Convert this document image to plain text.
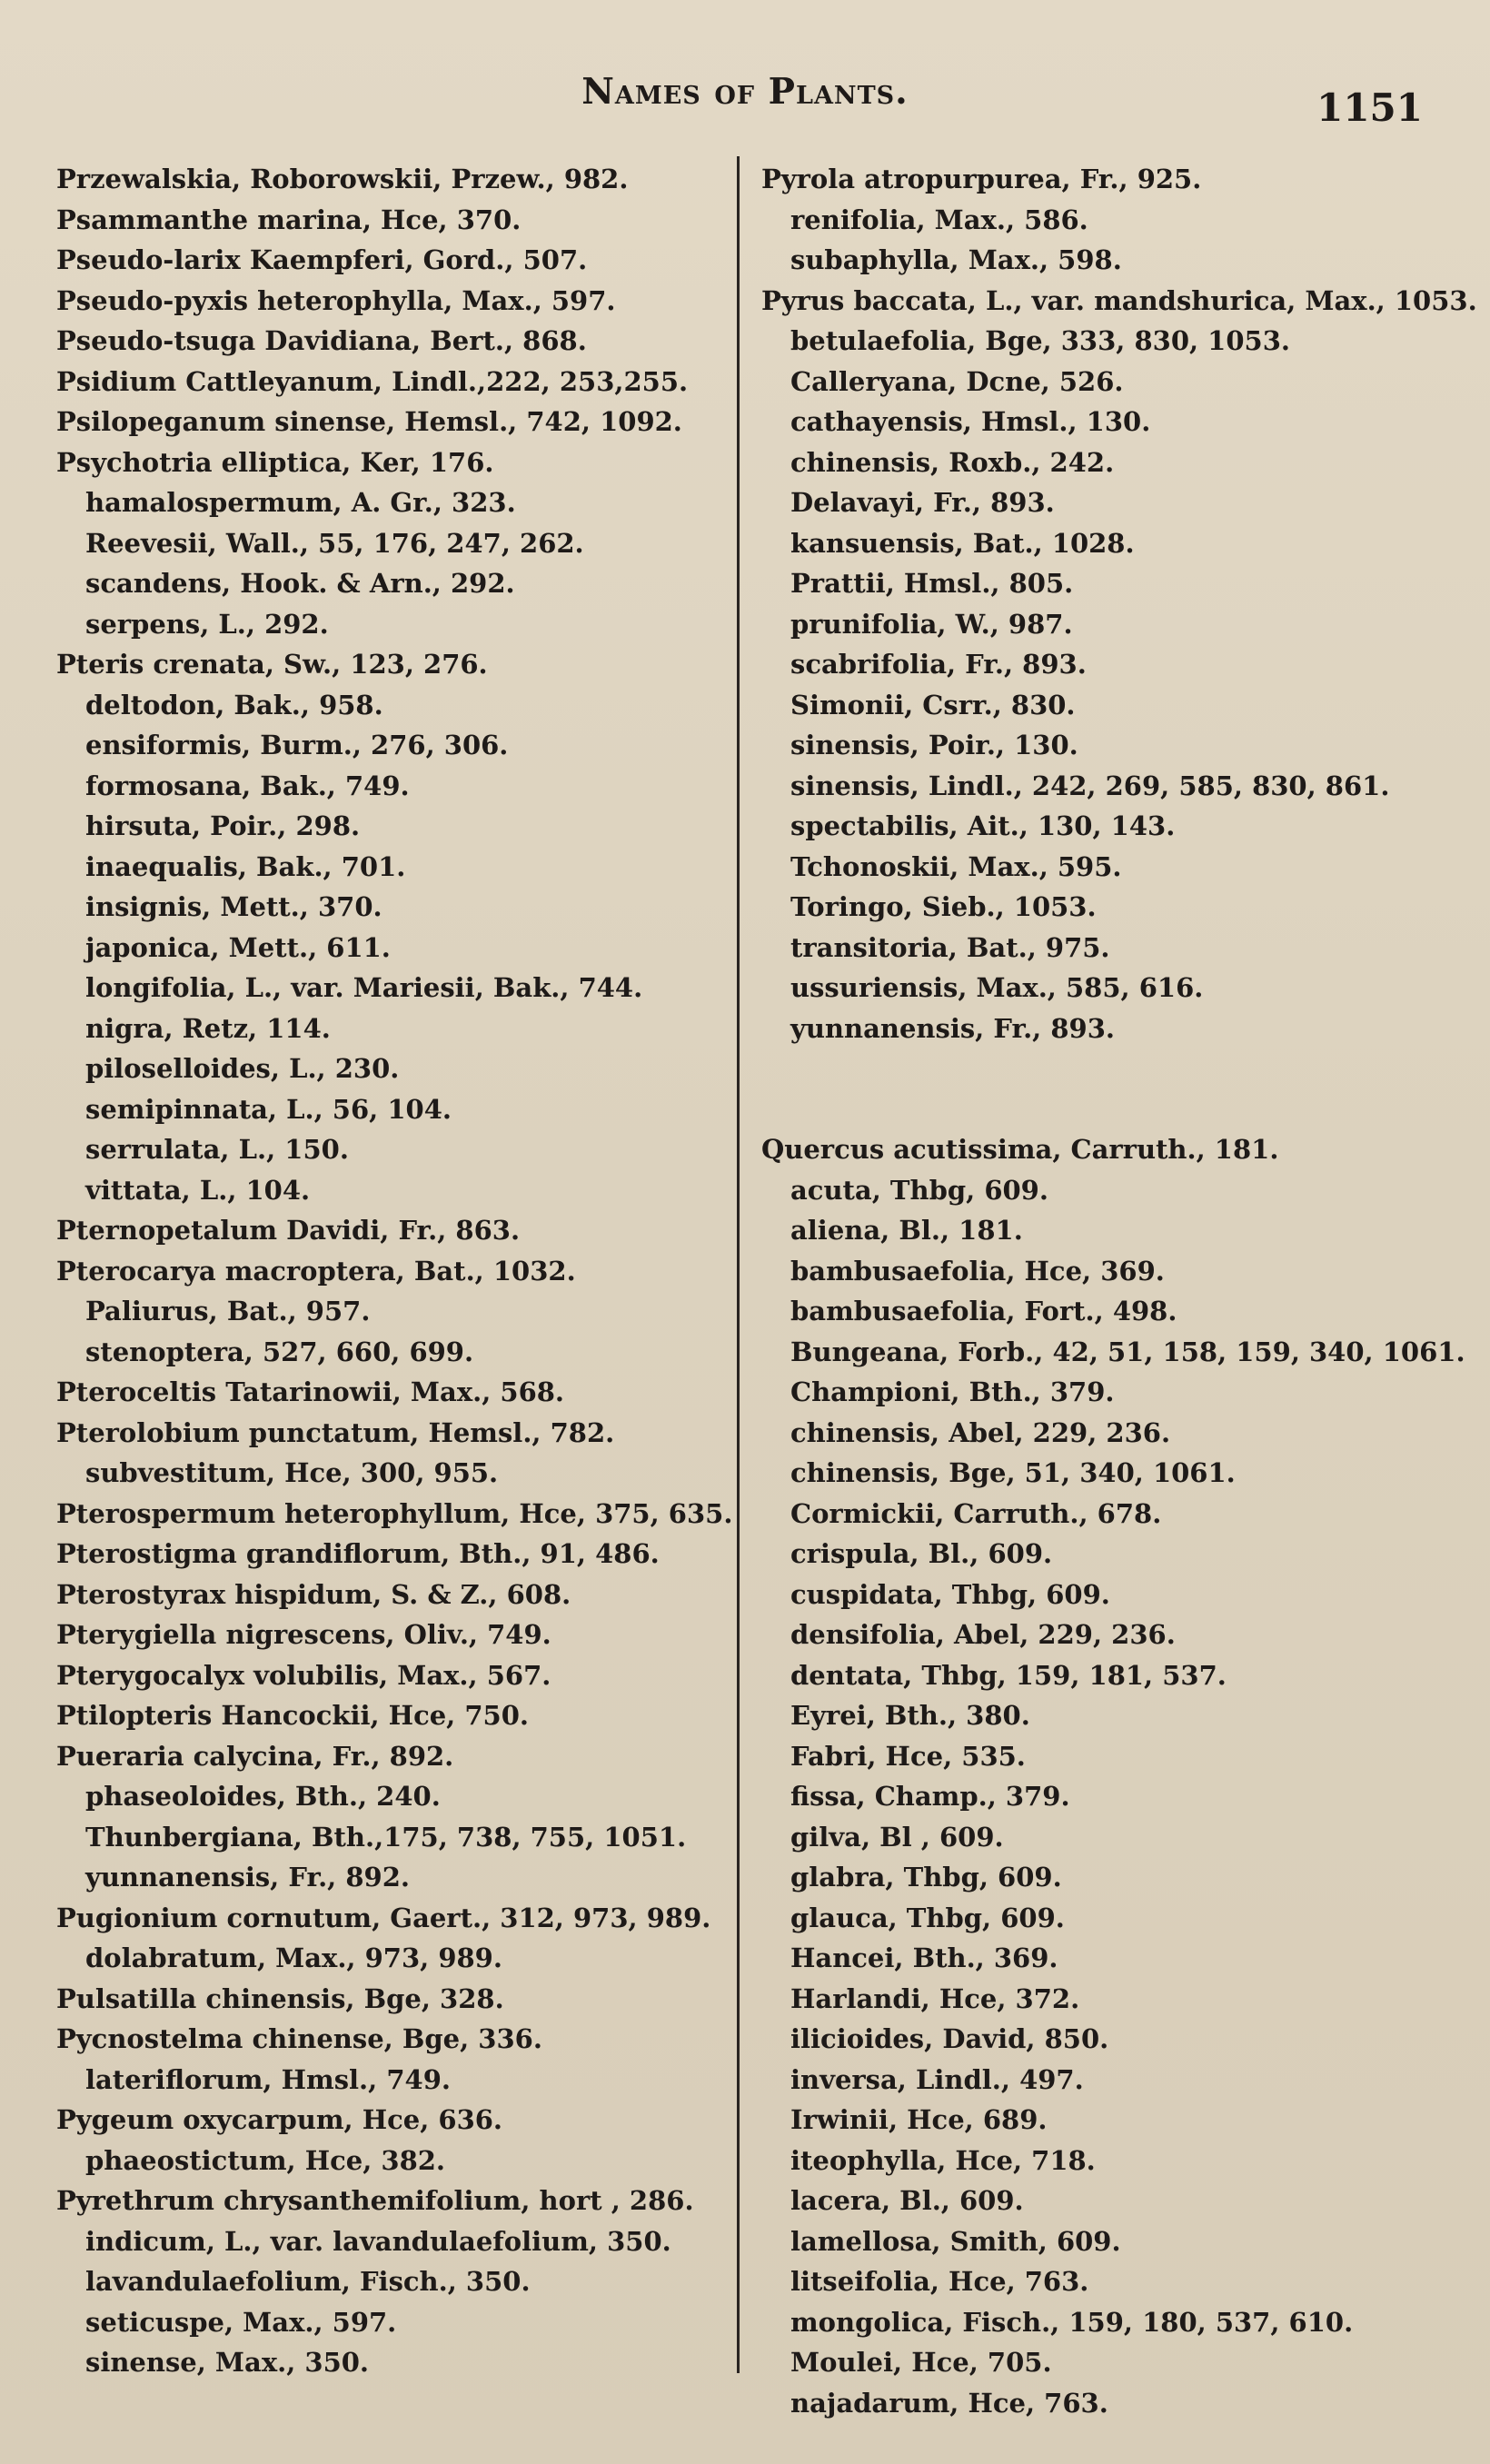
Names of Plants.	1151
Przewalskia, Roborowskii, Przew., 982.
Psammanthe marina, Hce, 370.
Pseudo-larix Kaempferi, Gord., 507.
Pseudo-pyxis heterophylla, Max., 597.
Pseudo-tsuga Davidiana, Bert., 868.
Psidium Cattleyanum, Lindl.,222, 253,255.
Psilopeganum sinense, Hemsl., 742, 1092.
Psychotria elliptica, Ker, 176.
hamalospermum, A. Gr., 323.
Reevesii, Wall., 55, 176, 247, 262.
scandens, Hook. & Arn., 292.
serpens, L., 292.
Pteris crenata, Sw., 123, 276.
deltodon, Bak., 958.
ensiformis, Burm., 276, 306.
formosana, Bak., 749.
hirsuta, Poir., 298.
inaequalis, Bak., 701.
insignis, Mett., 370.
japonica, Mett., 611.
longifolia, L., var. Mariesii, Bak., 744.
nigra, Retz, 114.
piloselloides, L., 230.
semipinnata, L., 56, 104.
serrulata, L., 150.
vittata, L., 104.
Pternopetalum Davidi, Fr., 863.
Pterocarya macroptera, Bat., 1032.
Paliurus, Bat., 957.
stenoptera, 527, 660, 699.
Pteroceltis Tatarinowii, Max., 568.
Pterolobium punctatum, Hemsl., 782.
subvestitum, Hce, 300, 955.
Pterospermum heterophyllum, Hce, 375, 635.
Pterostigma grandiflorum, Bth., 91, 486.
Pterostyrax hispidum, S. & Z., 608.
Pterygiella nigrescens, Oliv., 749.
Pterygocalyx volubilis, Max., 567.
Ptilopteris Hancockii, Hce, 750.
Pueraria calycina, Fr., 892.
phaseoloides, Bth., 240.
Thunbergiana, Bth.,175, 738, 755, 1051.
yunnanensis, Fr., 892.
Pugionium cornutum, Gaert., 312, 973, 989.
dolabratum, Max., 973, 989.
Pulsatilla chinensis, Bge, 328.
Pycnostelma chinense, Bge, 336.
lateriflorum, Hmsl., 749.
Pygeum oxycarpum, Hce, 636.
phaeostictum, Hce, 382.
Pyrethrum chrysanthemifolium, hort , 286.
indicum, L., var. lavandulaefolium, 350.
lavandulaefolium, Fisch., 350.
seticuspe, Max., 597.
sinense, Max., 350.
Pyrola atropurpurea, Fr., 925.
renifolia, Max., 586.
subaphylla, Max., 598.
Pyrus baccata, L., var. mandshurica, Max., 1053.
betulaefolia, Bge, 333, 830, 1053.
Calleryana, Dcne, 526.
cathayensis, Hmsl., 130.
chinensis, Roxb., 242.
Delavayi, Fr., 893.
kansuensis, Bat., 1028.
Prattii, Hmsl., 805.
prunifolia, W., 987.
scabrifolia, Fr., 893.
Simonii, Csrr., 830.
sinensis, Poir., 130.
sinensis, Lindl., 242, 269, 585, 830, 861.
spectabilis, Ait., 130, 143.
Tchonoskii, Max., 595.
Toringo, Sieb., 1053.
transitoria, Bat., 975.
ussuriensis, Max., 585, 616.
yunnanensis, Fr., 893.
Quercus acutissima, Carruth., 181.
acuta, Thbg, 609.
aliena, Bl., 181.
bambusaefolia, Hce, 369.
bambusaefolia, Fort., 498.
Bungeana, Forb., 42, 51, 158, 159, 340, 1061.
Championi, Bth., 379.
chinensis, Abel, 229, 236.
chinensis, Bge, 51, 340, 1061.
Cormickii, Carruth., 678.
crispula, Bl., 609.
cuspidata, Thbg, 609.
densifolia, Abel, 229, 236.
dentata, Thbg, 159, 181, 537.
Eyrei, Bth., 380.
Fabri, Hce, 535.
fissa, Champ., 379.
gilva, Bl , 609.
glabra, Thbg, 609.
glauca, Thbg, 609.
Hancei, Bth., 369.
Harlandi, Hce, 372.
ilicioides, David, 850.
inversa, Lindl., 497.
Irwinii, Hce, 689.
iteophylla, Hce, 718.
lacera, Bl., 609.
lamellosa, Smith, 609.
litseifolia, Hce, 763.
mongolica, Fisch., 159, 180, 537, 610.
Moulei, Hce, 705.
najadarum, Hce, 763.
